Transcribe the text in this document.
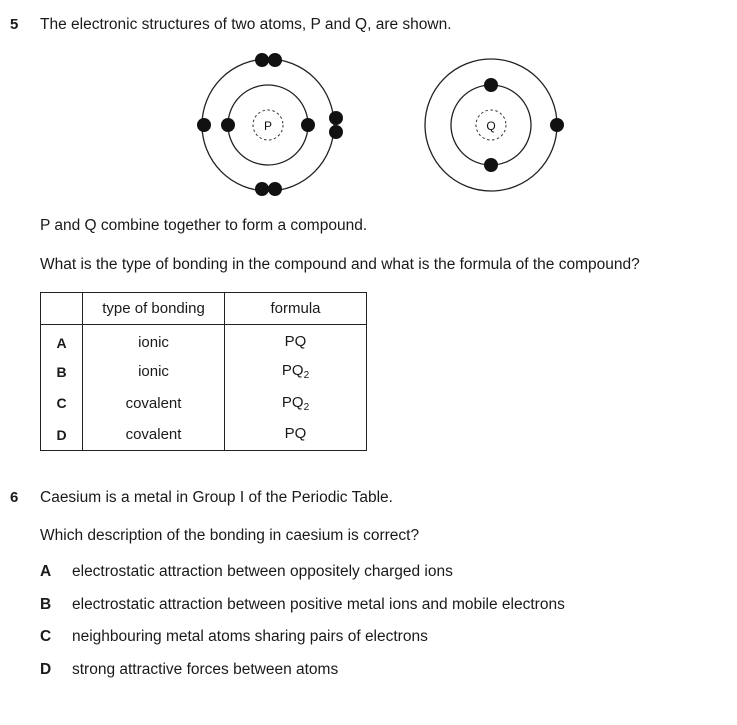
5 The electronic structures of two atoms, P and Q, are shown.
P	Q
P and Q combine together to form a compound.
What is the type of bonding in the compound and what is the formula of the compound?
	type of bonding	formula
A	ionic	PQ
B	ionic	$PQ_2$
C	covalent	$PQ_2$
D	covalent	PQ
6 Caesium is a metal in Group I of the Periodic Table.
Which description of the bonding in caesium is correct?
A electrostatic attraction between oppositely charged ions
B electrostatic attraction between positive metal ions and mobile electrons
C neighbouring metal atoms sharing pairs of electrons
D strong attractive forces between atoms
